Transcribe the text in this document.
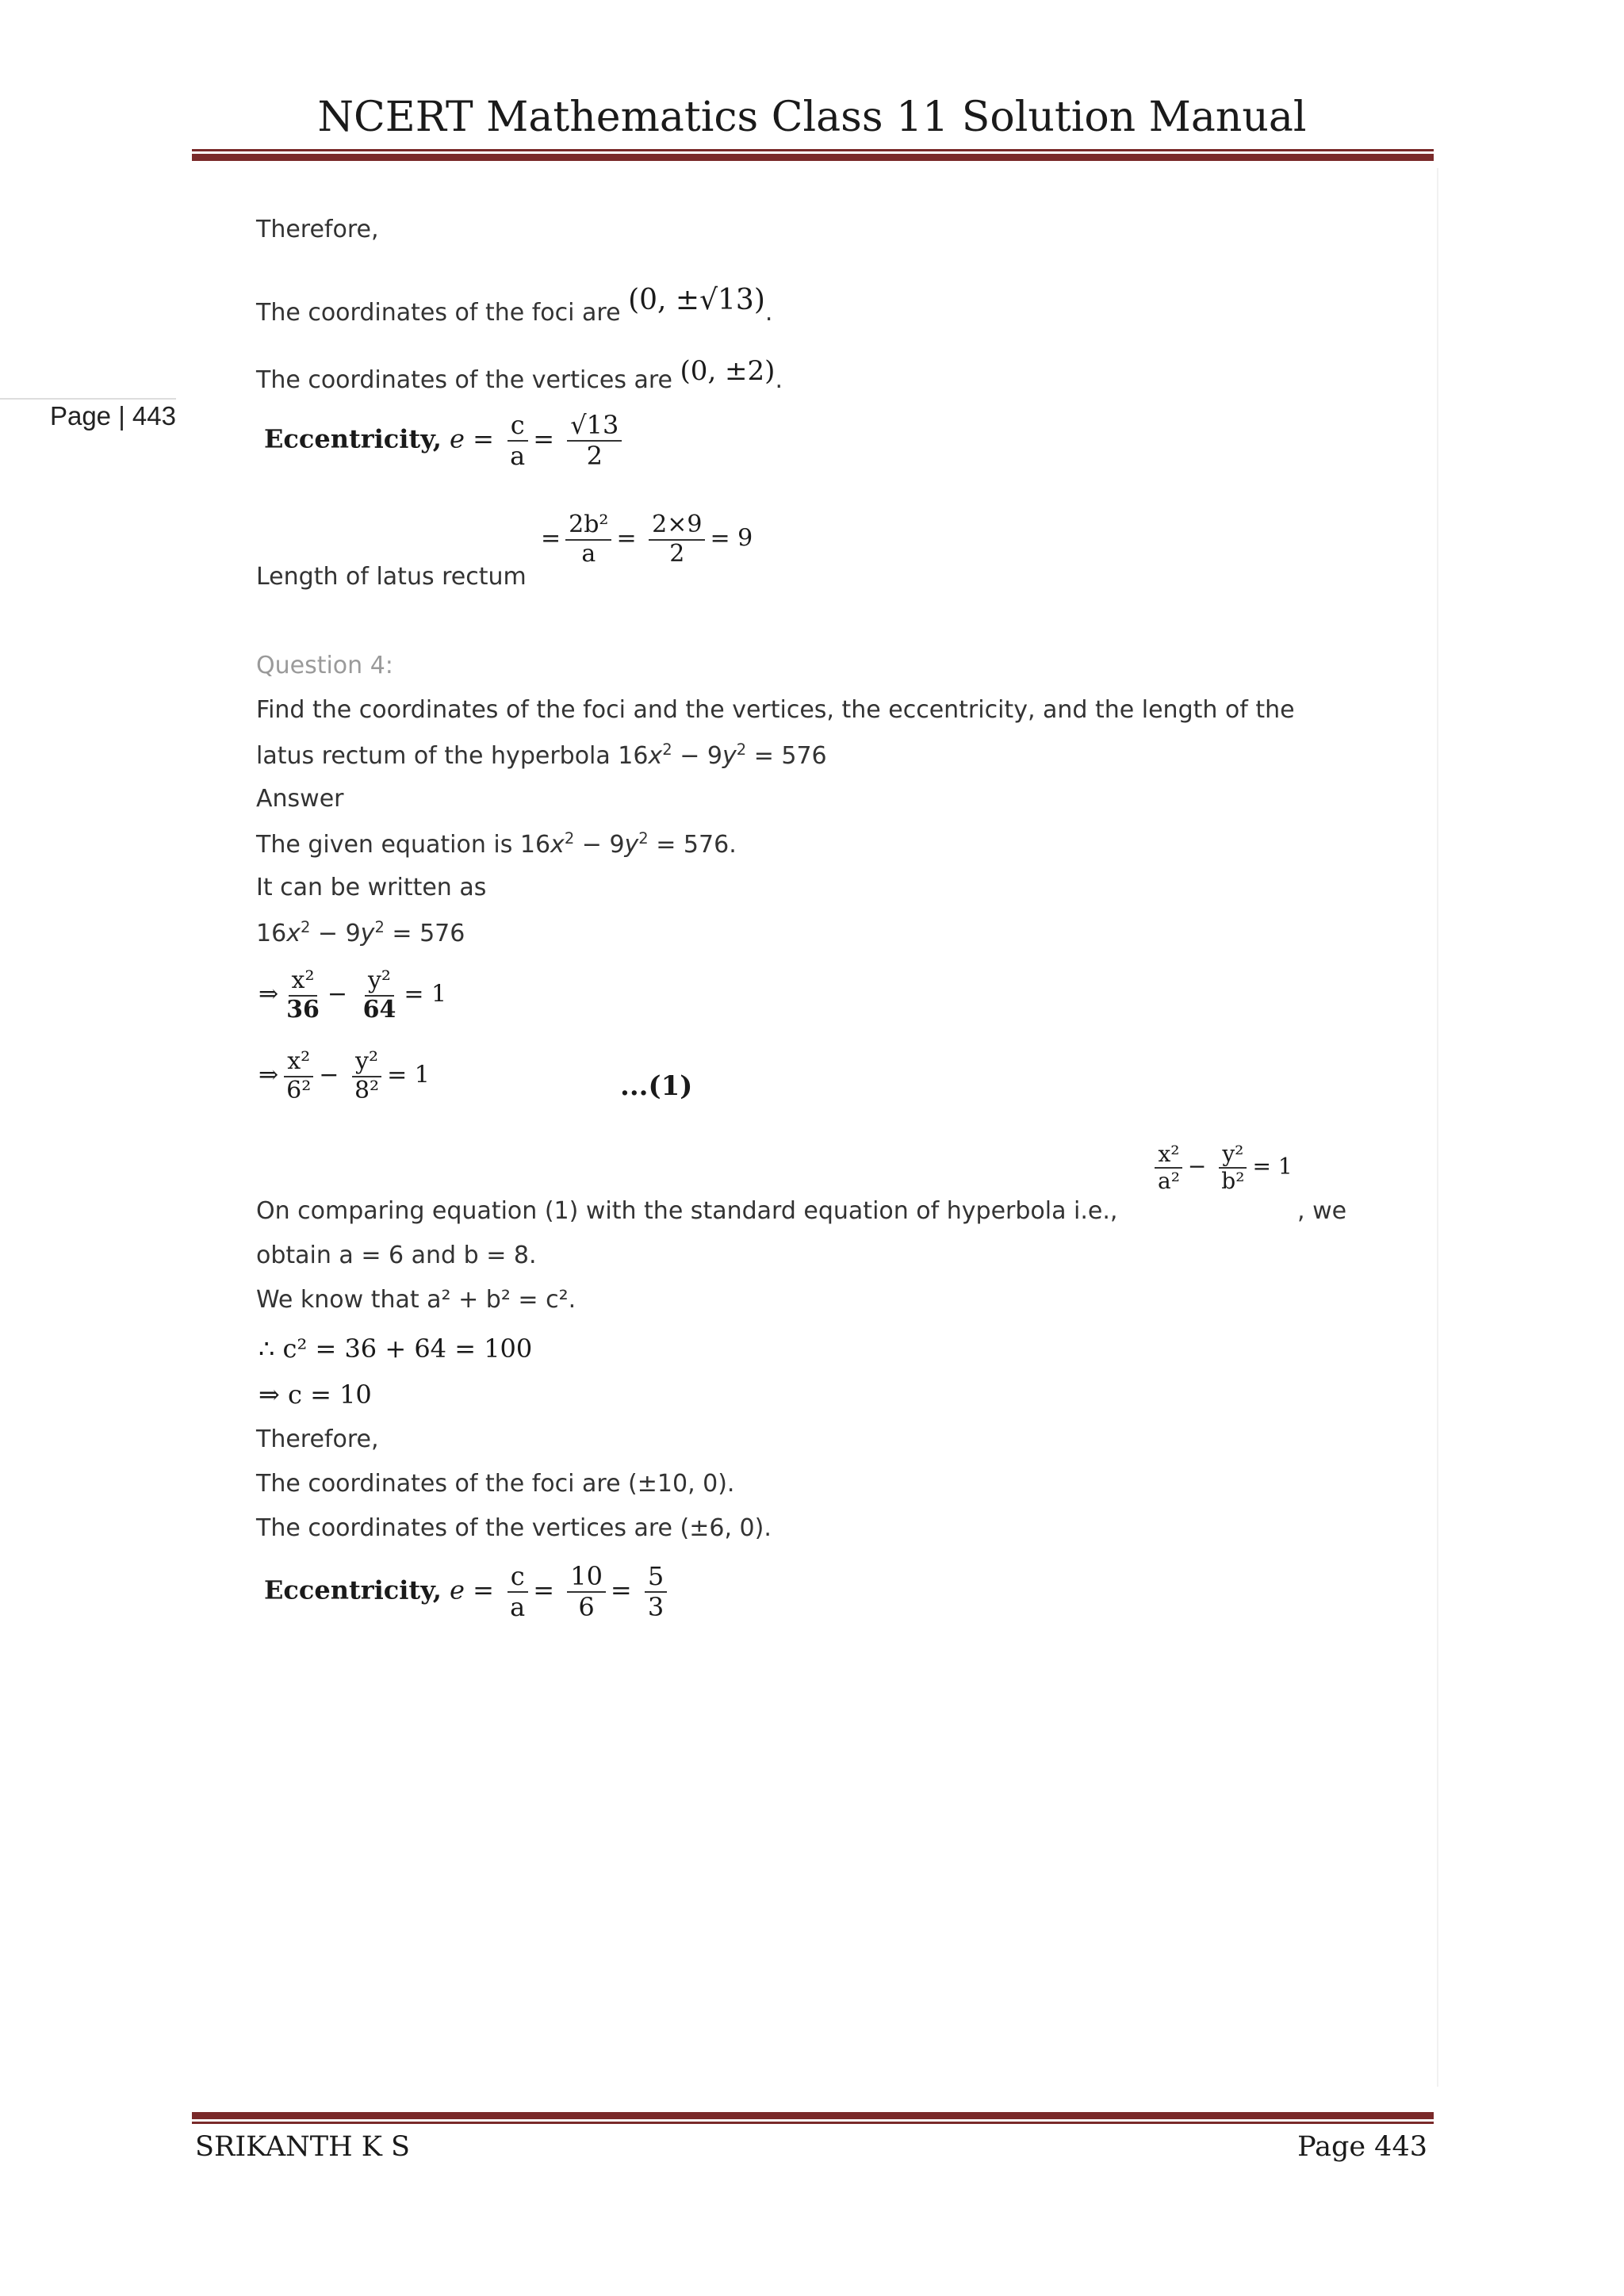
NCERT Mathematics Class 11 Solution Manual
Page | 443
Therefore,
The coordinates of the foci are (0, ±√13).
The coordinates of the vertices are (0, ±2).
Eccentricity, $e = \frac{c}{a} = \frac{√13}{2}$
Length of latus rectum
= $\frac{\text{2b²}}{a} = \frac{2\times 9}{2} = 9$
Question 4:
Find the coordinates of the foci and the vertices, the eccentricity, and the length of the
latus rectum of the hyperbola $16x^2 - 9y^2 = 576$
Answer
The given equation is $16x^2 - 9y^2 = 576$.
It can be written as
$16x^2 - 9y^2 = 576$
⇒ $\frac{\text{x²}}{36} - \frac{\text{y²}}{64} = 1$
⇒ $\frac{\text{x²}}{\text{6²}} - \frac{\text{y²}}{\text{8²}} = 1$	...(1)
On comparing equation (1) with the standard equation of hyperbola i.e.,
$\frac{\text{x²}}{\text{a²}} - \frac{\text{y²}}{\text{b²}} = 1$
, we
obtain a = 6 and b = 8.
We know that a² + b² = c².
∴ c² = 36 + 64 = 100
⇒ c = 10
Therefore,
The coordinates of the foci are (±10, 0).
The coordinates of the vertices are (±6, 0).
Eccentricity, $e = \frac{c}{a} = \frac{10}{6} = \frac{5}{3}$
SRIKANTH K S	Page 443
